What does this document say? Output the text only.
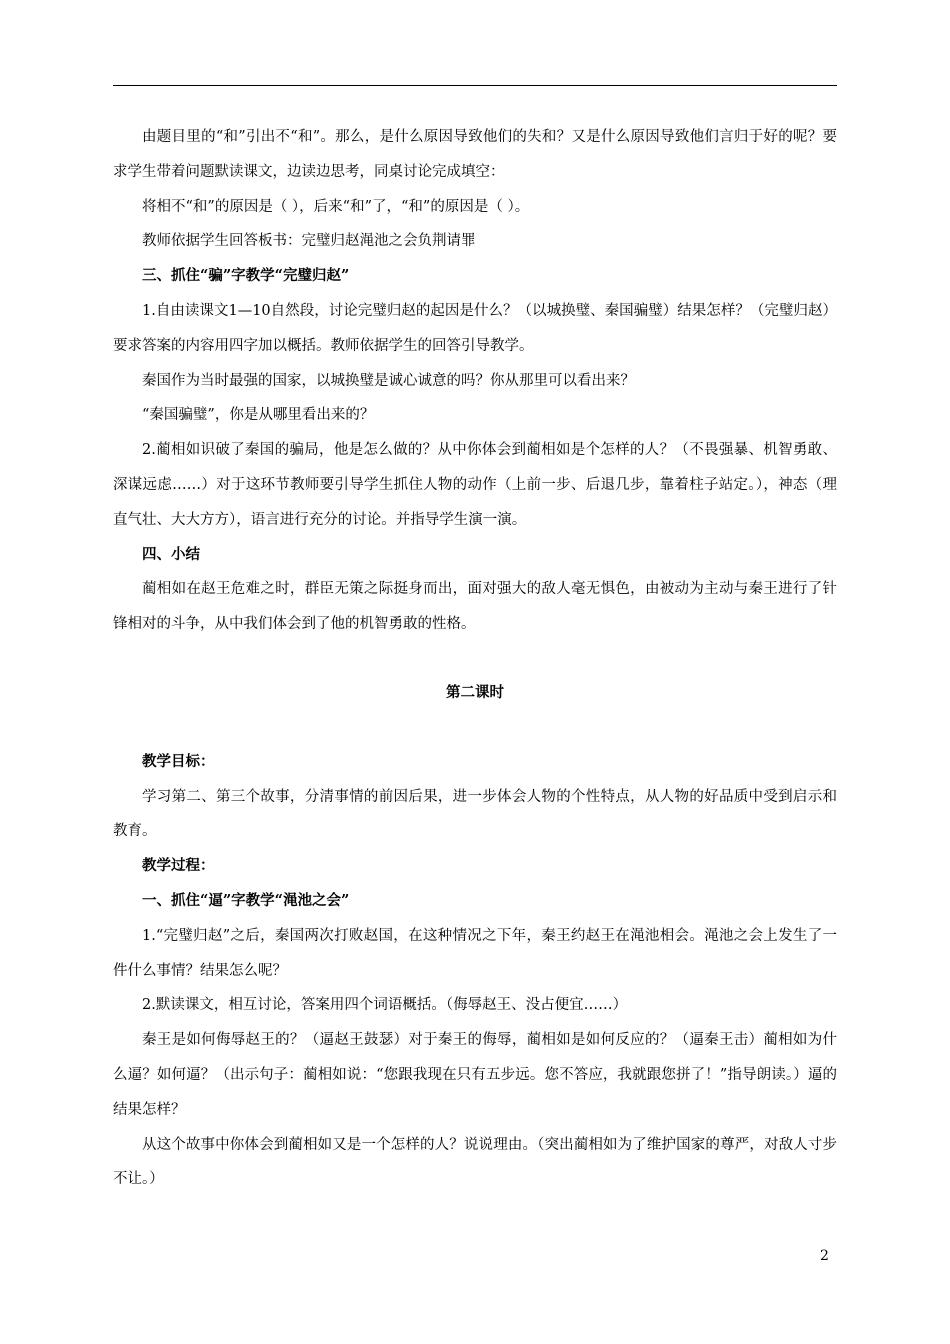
由题目里的“和”引出不“和”。那么，是什么原因导致他们的失和？又是什么原因导致他们言归于好的呢？要求学生带着问题默读课文，边读边思考，同桌讨论完成填空：

将相不“和”的原因是（ ），后来“和”了，“和”的原因是（ ）。

教师依据学生回答板书：完璧归赵渑池之会负荆请罪

三、抓住“骗”字教学“完璧归赵”

1.自由读课文1—10自然段，讨论完璧归赵的起因是什么？（以城换璧、秦国骗璧）结果怎样？（完璧归赵）要求答案的内容用四字加以概括。教师依据学生的回答引导教学。

秦国作为当时最强的国家，以城换璧是诚心诚意的吗？你从那里可以看出来？

“秦国骗璧”，你是从哪里看出来的？

2.蔺相如识破了秦国的骗局，他是怎么做的？从中你体会到蔺相如是个怎样的人？（不畏强暴、机智勇敢、深谋远虑……）对于这环节教师要引导学生抓住人物的动作（上前一步、后退几步，靠着柱子站定。），神态（理直气壮、大大方方），语言进行充分的讨论。并指导学生演一演。

四、小结

蔺相如在赵王危难之时，群臣无策之际挺身而出，面对强大的敌人毫无惧色，由被动为主动与秦王进行了针锋相对的斗争，从中我们体会到了他的机智勇敢的性格。

第二课时

教学目标：

学习第二、第三个故事，分清事情的前因后果，进一步体会人物的个性特点，从人物的好品质中受到启示和教育。

教学过程：

一、抓住“逼”字教学“渑池之会”

1.“完璧归赵”之后，秦国两次打败赵国，在这种情况之下年，秦王约赵王在渑池相会。渑池之会上发生了一件什么事情？结果怎么呢？

2.默读课文，相互讨论，答案用四个词语概括。（侮辱赵王、没占便宜……）

秦王是如何侮辱赵王的？（逼赵王鼓瑟）对于秦王的侮辱，蔺相如是如何反应的？（逼秦王击）蔺相如为什么逼？如何逼？（出示句子：蔺相如说：“您跟我现在只有五步远。您不答应，我就跟您拼了！”指导朗读。）逼的结果怎样？

从这个故事中你体会到蔺相如又是一个怎样的人？说说理由。（突出蔺相如为了维护国家的尊严，对敌人寸步不让。）

2
